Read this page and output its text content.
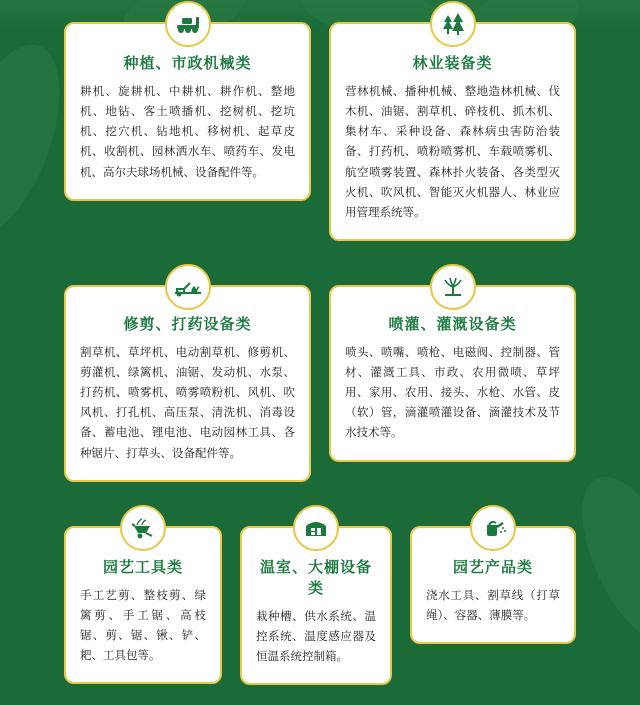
种植、市政机械类

耕机、旋耕机、中耕机、耕作机、整地机、地钻、客土喷播机、挖树机、挖坑机、挖穴机、钻地机、移树机、起草皮机、收割机、园林洒水车、喷药车、发电机、高尔夫球场机械、设备配件等。

林业装备类

营林机械、播种机械、整地造林机械、伐木机、油锯、割草机、碎枝机、抓木机、集材车、采种设备、森林病虫害防治装备、打药机、喷粉喷雾机、车载喷雾机、航空喷雾装置、森林扑火装备、各类型灭火机、吹风机、智能灭火机器人、林业应用管理系统等。

修剪、打药设备类

割草机、草坪机、电动割草机、修剪机、剪灌机、绿篱机、油锯、发动机、水泵、打药机、喷雾机、喷雾喷粉机、风机、吹风机、打孔机、高压泵、清洗机、消毒设备、蓄电池、锂电池、电动园林工具、各种锯片、打草头、设备配件等。

喷灌、灌溉设备类

喷头、喷嘴、喷枪、电磁阀、控制器、管材、灌溉工具、市政、农用微喷、草坪用、家用、农用、接头、水枪、水管、皮（软）管，滴灌喷灌设备、滴灌技术及节水技术等。

园艺工具类

手工艺剪、整枝剪、绿篱剪、手工锯、高枝锯、剪、锯、锹、铲、耙、工具包等。

温室、大棚设备类

栽种槽、供水系统、温控系统、温度感应器及恒温系统控制箱。

园艺产品类

浇水工具、割草线（打草绳）、容器、薄膜等。
